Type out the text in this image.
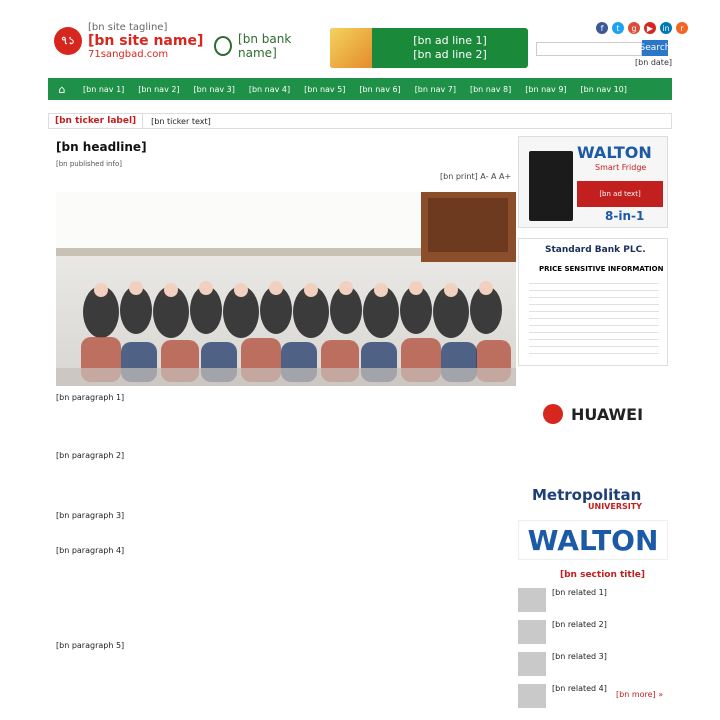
৭১
[bn site tagline]
[bn site name]
71sangbad.com
[bn bank name]
[bn ad line 1]
[bn ad line 2]
f	t	g	▶	in	r
Search
[bn date]
⌂	[bn nav 1]	[bn nav 2]	[bn nav 3]	[bn nav 4]	[bn nav 5]	[bn nav 6]	[bn nav 7]	[bn nav 8]	[bn nav 9]	[bn nav 10]
[bn ticker label]	[bn ticker text]
[bn headline]
[bn published info]
[bn print] A- A A+
[bn paragraph 1]
[bn paragraph 2]
[bn paragraph 3]
[bn paragraph 4]
[bn paragraph 5]
WALTON
Smart Fridge
[bn ad text]
8-in-1
Standard Bank PLC.
PRICE SENSITIVE INFORMATION
HUAWEI
Metropolitan
UNIVERSITY
WALTON
[bn section title]
[bn related 1]
[bn related 2]
[bn related 3]
[bn related 4]
[bn more] »
